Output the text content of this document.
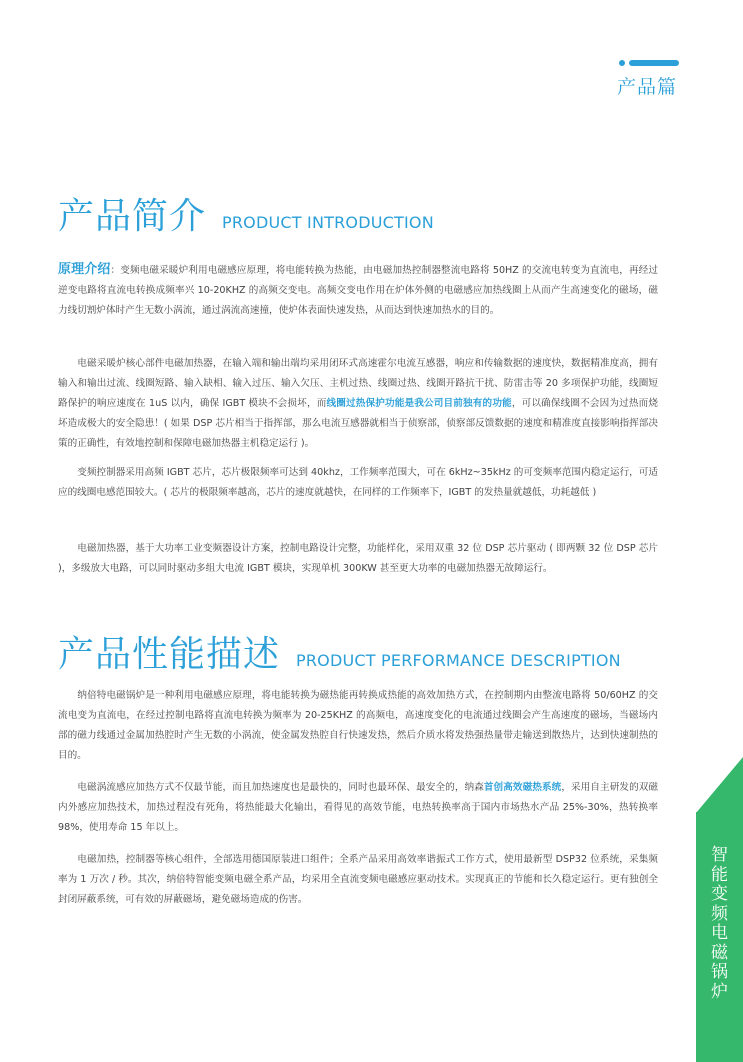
产品篇
产品简介 PRODUCT INTRODUCTION
原理介绍：变频电磁采暖炉利用电磁感应原理，将电能转换为热能，由电磁加热控制器整流电路将 50HZ 的交流电转变为直流电，再经过逆变电路将直流电转换成频率兴 10-20KHZ 的高频交变电。高频交变电作用在炉体外侧的电磁感应加热线圈上从而产生高速变化的磁场，磁力线切割炉体时产生无数小涡流，通过涡流高速撞，使炉体表面快速发热，从而达到快速加热水的目的。
　　电磁采暖炉核心部件电磁加热器，在输入端和输出端均采用闭环式高速霍尔电流互感器，响应和传输数据的速度快，数据精准度高，拥有输入和输出过流、线圈短路、输入缺相、输入过压、输入欠压、主机过热、线圈过热、线圈开路抗干扰、防雷击等 20 多项保护功能，线圈短路保护的响应速度在 1uS 以内，确保 IGBT 模块不会损坏，而线圈过热保护功能是我公司目前独有的功能，可以确保线圈不会因为过热而烧坏造成极大的安全隐患！( 如果 DSP 芯片相当于指挥部，那么电流互感器就相当于侦察部，侦察部反馈数据的速度和精准度直接影响指挥部决策的正确性，有效地控制和保障电磁加热器主机稳定运行 )。
　　变频控制器采用高频 IGBT 芯片，芯片极限频率可达到 40khz，工作频率范围大，可在 6kHz~35kHz 的可变频率范围内稳定运行，可适应的线圈电感范围较大。( 芯片的极限频率越高，芯片的速度就越快，在同样的工作频率下，IGBT 的发热量就越低，功耗越低 )
　　电磁加热器，基于大功率工业变频器设计方案，控制电路设计完整，功能样化，采用双重 32 位 DSP 芯片驱动 ( 即两颗 32 位 DSP 芯片 )，多级放大电路，可以同时驱动多组大电流 IGBT 模块，实现单机 300KW 甚至更大功率的电磁加热器无故障运行。
产品性能描述 PRODUCT PERFORMANCE DESCRIPTION
　　纳倍特电磁锅炉是一种利用电磁感应原理，将电能转换为磁热能再转换成热能的高效加热方式，在控制期内由整流电路将 50/60HZ 的交流电变为直流电，在经过控制电路将直流电转换为频率为 20-25KHZ 的高频电，高速度变化的电流通过线圈会产生高速度的磁场，当磁场内部的磁力线通过金属加热腔时产生无数的小涡流，使金属发热腔自行快速发热，然后介质水将发热强热量带走输送到散热片，达到快速制热的目的。
　　电磁涡流感应加热方式不仅最节能，而且加热速度也是最快的，同时也最环保、最安全的，纳森首创高效磁热系统，采用自主研发的双磁内外感应加热技术，加热过程没有死角，将热能最大化输出，看得见的高效节能，电热转换率高于国内市场热水产品 25%-30%，热转换率 98%，使用寿命 15 年以上。
　　电磁加热，控制器等核心组件，全部选用德国原装进口组件；全系产品采用高效率谐振式工作方式，使用最新型 DSP32 位系统，采集频率为 1 万次 / 秒。其次，纳倍特智能变频电磁全系产品，均采用全直流变频电磁感应驱动技术。实现真正的节能和长久稳定运行。更有独创全封闭屏蔽系统，可有效的屏蔽磁场，避免磁场造成的伤害。
智
能
变
频
电
磁
锅
炉
